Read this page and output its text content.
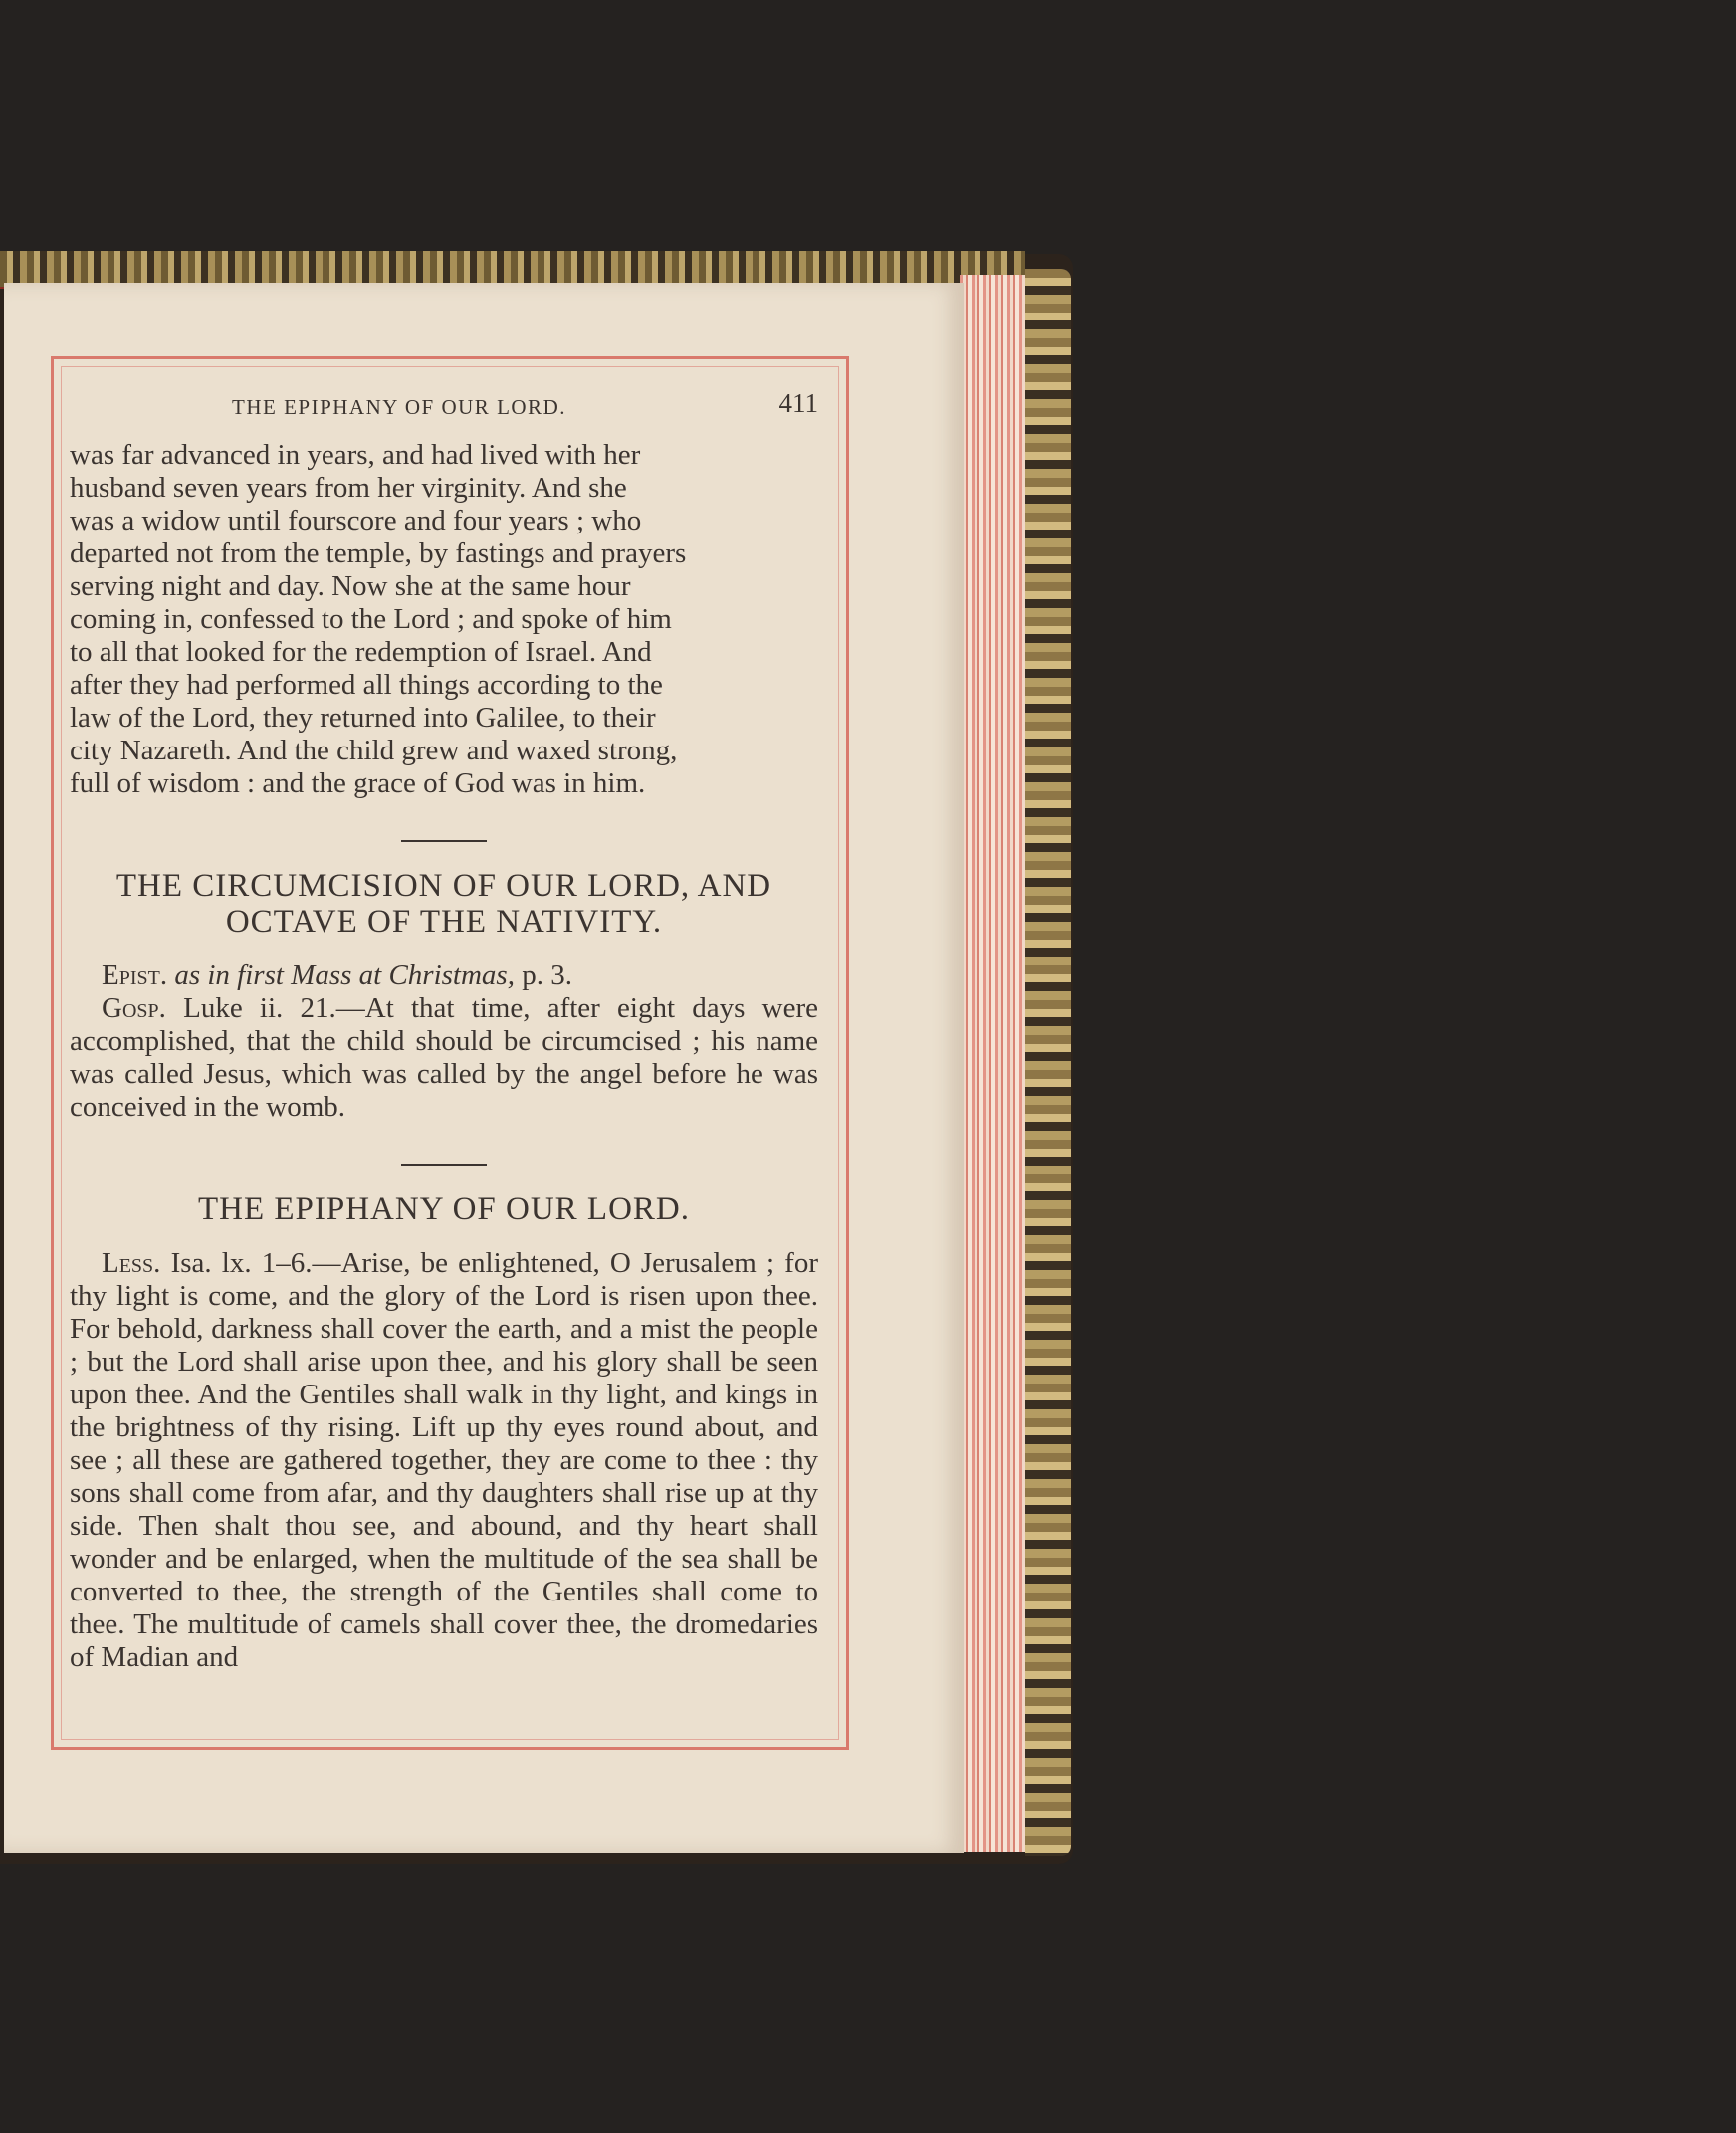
THE EPIPHANY OF OUR LORD.	411

was far advanced in years, and had lived with her

husband seven years from her virginity. And she

was a widow until fourscore and four years ; who

departed not from the temple, by fastings and prayers

serving night and day. Now she at the same hour

coming in, confessed to the Lord ; and spoke of him

to all that looked for the redemption of Israel. And

after they had performed all things according to the

law of the Lord, they returned into Galilee, to their

city Nazareth. And the child grew and waxed strong,

full of wisdom : and the grace of God was in him.

THE CIRCUMCISION OF OUR LORD, AND
OCTAVE OF THE NATIVITY.

Epist. as in first Mass at Christmas, p. 3.

Gosp. Luke ii. 21.—At that time, after eight days were accomplished, that the child should be circumcised ; his name was called Jesus, which was called by the angel before he was conceived in the womb.

THE EPIPHANY OF OUR LORD.

Less. Isa. lx. 1–6.—Arise, be enlightened, O Jerusalem ; for thy light is come, and the glory of the Lord is risen upon thee. For behold, darkness shall cover the earth, and a mist the people ; but the Lord shall arise upon thee, and his glory shall be seen upon thee. And the Gentiles shall walk in thy light, and kings in the brightness of thy rising. Lift up thy eyes round about, and see ; all these are gathered together, they are come to thee : thy sons shall come from afar, and thy daughters shall rise up at thy side. Then shalt thou see, and abound, and thy heart shall wonder and be enlarged, when the multitude of the sea shall be converted to thee, the strength of the Gentiles shall come to thee. The multitude of camels shall cover thee, the dromedaries of Madian and
